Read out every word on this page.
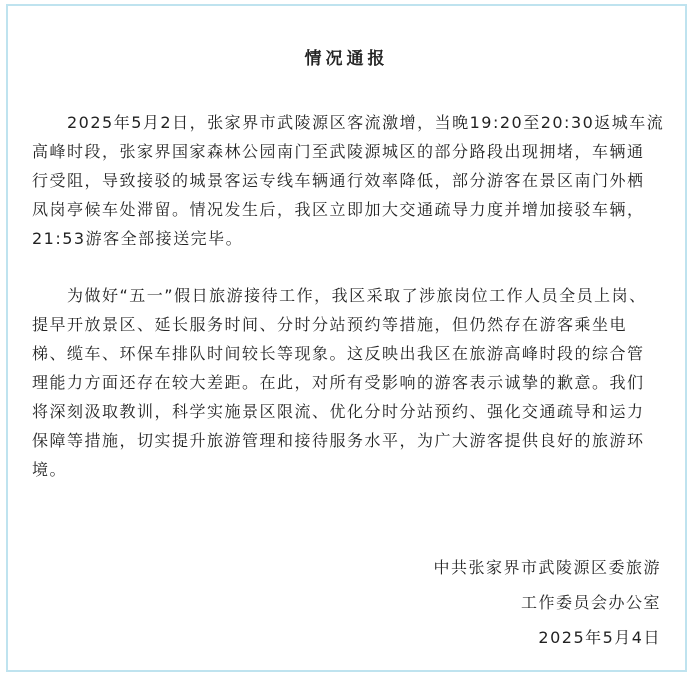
情况通报
　　2025年5月2日，张家界市武陵源区客流激增，当晚19:20至20:30返城车流
高峰时段，张家界国家森林公园南门至武陵源城区的部分路段出现拥堵，车辆通
行受阻，导致接驳的城景客运专线车辆通行效率降低，部分游客在景区南门外栖
凤岗亭候车处滞留。情况发生后，我区立即加大交通疏导力度并增加接驳车辆，
21:53游客全部接送完毕。
　　为做好“五一”假日旅游接待工作，我区采取了涉旅岗位工作人员全员上岗、
提早开放景区、延长服务时间、分时分站预约等措施，但仍然存在游客乘坐电
梯、缆车、环保车排队时间较长等现象。这反映出我区在旅游高峰时段的综合管
理能力方面还存在较大差距。在此，对所有受影响的游客表示诚挚的歉意。我们
将深刻汲取教训，科学实施景区限流、优化分时分站预约、强化交通疏导和运力
保障等措施，切实提升旅游管理和接待服务水平，为广大游客提供良好的旅游环
境。
中共张家界市武陵源区委旅游
工作委员会办公室
2025年5月4日
